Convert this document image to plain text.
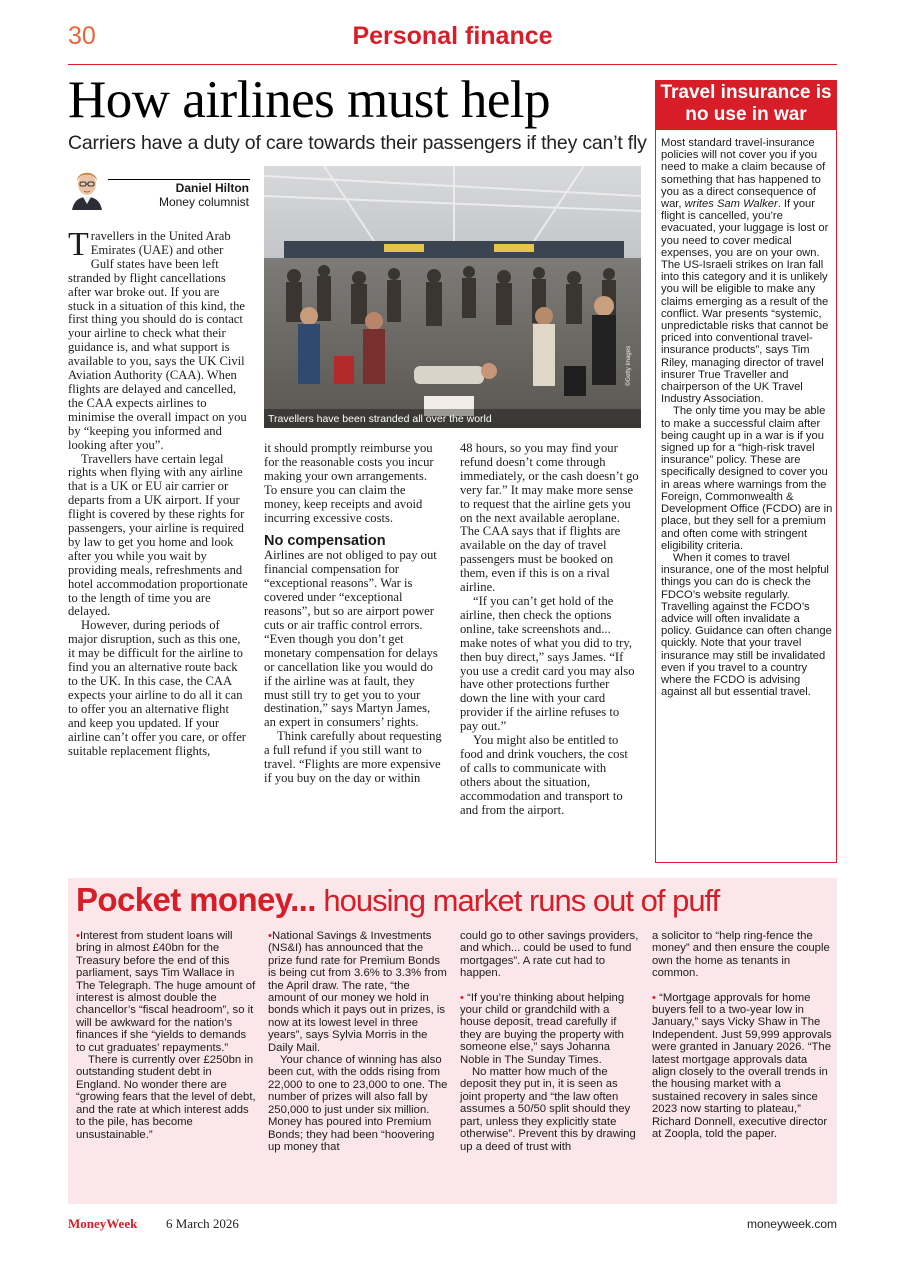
30	Personal finance
How airlines must help
Carriers have a duty of care towards their passengers if they can’t fly
Daniel Hilton
Money columnist
Travellers have been stranded all over the world
©Getty Images

Travellers in the United Arab Emirates (UAE) and other Gulf states have been left stranded by flight cancellations after war broke out. If you are stuck in a situation of this kind, the first thing you should do is contact your airline to check what their guidance is, and what support is available to you, says the UK Civil Aviation Authority (CAA). When flights are delayed and cancelled, the CAA expects airlines to minimise the overall impact on you by “keeping you informed and looking after you”.

Travellers have certain legal rights when flying with any airline that is a UK or EU air carrier or departs from a UK airport. If your flight is covered by these rights for passengers, your airline is required by law to get you home and look after you while you wait by providing meals, refreshments and hotel accommodation proportionate to the length of time you are delayed.

However, during periods of major disruption, such as this one, it may be difficult for the airline to find you an alternative route back to the UK. In this case, the CAA expects your airline to do all it can to offer you an alternative flight and keep you updated. If your airline can’t offer you care, or offer suitable replacement flights,

it should promptly reimburse you for the reasonable costs you incur making your own arrangements. To ensure you can claim the money, keep receipts and avoid incurring excessive costs.

No compensation

Airlines are not obliged to pay out financial compensation for “exceptional reasons”. War is covered under “exceptional reasons”, but so are airport power cuts or air traffic control errors. “Even though you don’t get monetary compensation for delays or cancellation like you would do if the airline was at fault, they must still try to get you to your destination,” says Martyn James, an expert in consumers’ rights.

Think carefully about requesting a full refund if you still want to travel. “Flights are more expensive if you buy on the day or within

48 hours, so you may find your refund doesn’t come through immediately, or the cash doesn’t go very far.” It may make more sense to request that the airline gets you on the next available aeroplane. The CAA says that if flights are available on the day of travel passengers must be booked on them, even if this is on a rival airline.

“If you can’t get hold of the airline, then check the options online, take screenshots and... make notes of what you did to try, then buy direct,” says James. “If you use a credit card you may also have other protections further down the line with your card provider if the airline refuses to pay out.”

You might also be entitled to food and drink vouchers, the cost of calls to communicate with others about the situation, accommodation and transport to and from the airport.

Travel insurance is no use in war

Most standard travel-insurance policies will not cover you if you need to make a claim because of something that has happened to you as a direct consequence of war, writes Sam Walker. If your flight is cancelled, you’re evacuated, your luggage is lost or you need to cover medical expenses, you are on your own. The US-Israeli strikes on Iran fall into this category and it is unlikely you will be eligible to make any claims emerging as a result of the conflict. War presents “systemic, unpredictable risks that cannot be priced into conventional travel-insurance products”, says Tim Riley, managing director of travel insurer True Traveller and chairperson of the UK Travel Industry Association.

The only time you may be able to make a successful claim after being caught up in a war is if you signed up for a “high-risk travel insurance” policy. These are specifically designed to cover you in areas where warnings from the Foreign, Commonwealth & Development Office (FCDO) are in place, but they sell for a premium and often come with stringent eligibility criteria.

When it comes to travel insurance, one of the most helpful things you can do is check the FDCO’s website regularly. Travelling against the FCDO’s advice will often invalidate a policy. Guidance can often change quickly. Note that your travel insurance may still be invalidated even if you travel to a country where the FCDO is advising against all but essential travel.

Pocket money... housing market runs out of puff

•Interest from student loans will bring in almost £40bn for the Treasury before the end of this parliament, says Tim Wallace in The Telegraph. The huge amount of interest is almost double the chancellor’s “fiscal headroom”, so it will be awkward for the nation’s finances if she “yields to demands to cut graduates’ repayments.”

There is currently over £250bn in outstanding student debt in England. No wonder there are “growing fears that the level of debt, and the rate at which interest adds to the pile, has become unsustainable.”

•National Savings & Investments (NS&I) has announced that the prize fund rate for Premium Bonds is being cut from 3.6% to 3.3% from the April draw. The rate, “the amount of our money we hold in bonds which it pays out in prizes, is now at its lowest level in three years”, says Sylvia Morris in the Daily Mail.

Your chance of winning has also been cut, with the odds rising from 22,000 to one to 23,000 to one. The number of prizes will also fall by 250,000 to just under six million. Money has poured into Premium Bonds; they had been “hoovering up money that

could go to other savings providers, and which... could be used to fund mortgages”. A rate cut had to happen.

• “If you’re thinking about helping your child or grandchild with a house deposit, tread carefully if they are buying the property with someone else,” says Johanna Noble in The Sunday Times.

No matter how much of the deposit they put in, it is seen as joint property and “the law often assumes a 50/50 split should they part, unless they explicitly state otherwise”. Prevent this by drawing up a deed of trust with

a solicitor to “help ring-fence the money” and then ensure the couple own the home as tenants in common.

• “Mortgage approvals for home buyers fell to a two-year low in January,” says Vicky Shaw in The Independent. Just 59,999 approvals were granted in January 2026. “The latest mortgage approvals data align closely to the overall trends in the housing market with a sustained recovery in sales since 2023 now starting to plateau,” Richard Donnell, executive director at Zoopla, told the paper.

MoneyWeek 6 March 2026	moneyweek.com
